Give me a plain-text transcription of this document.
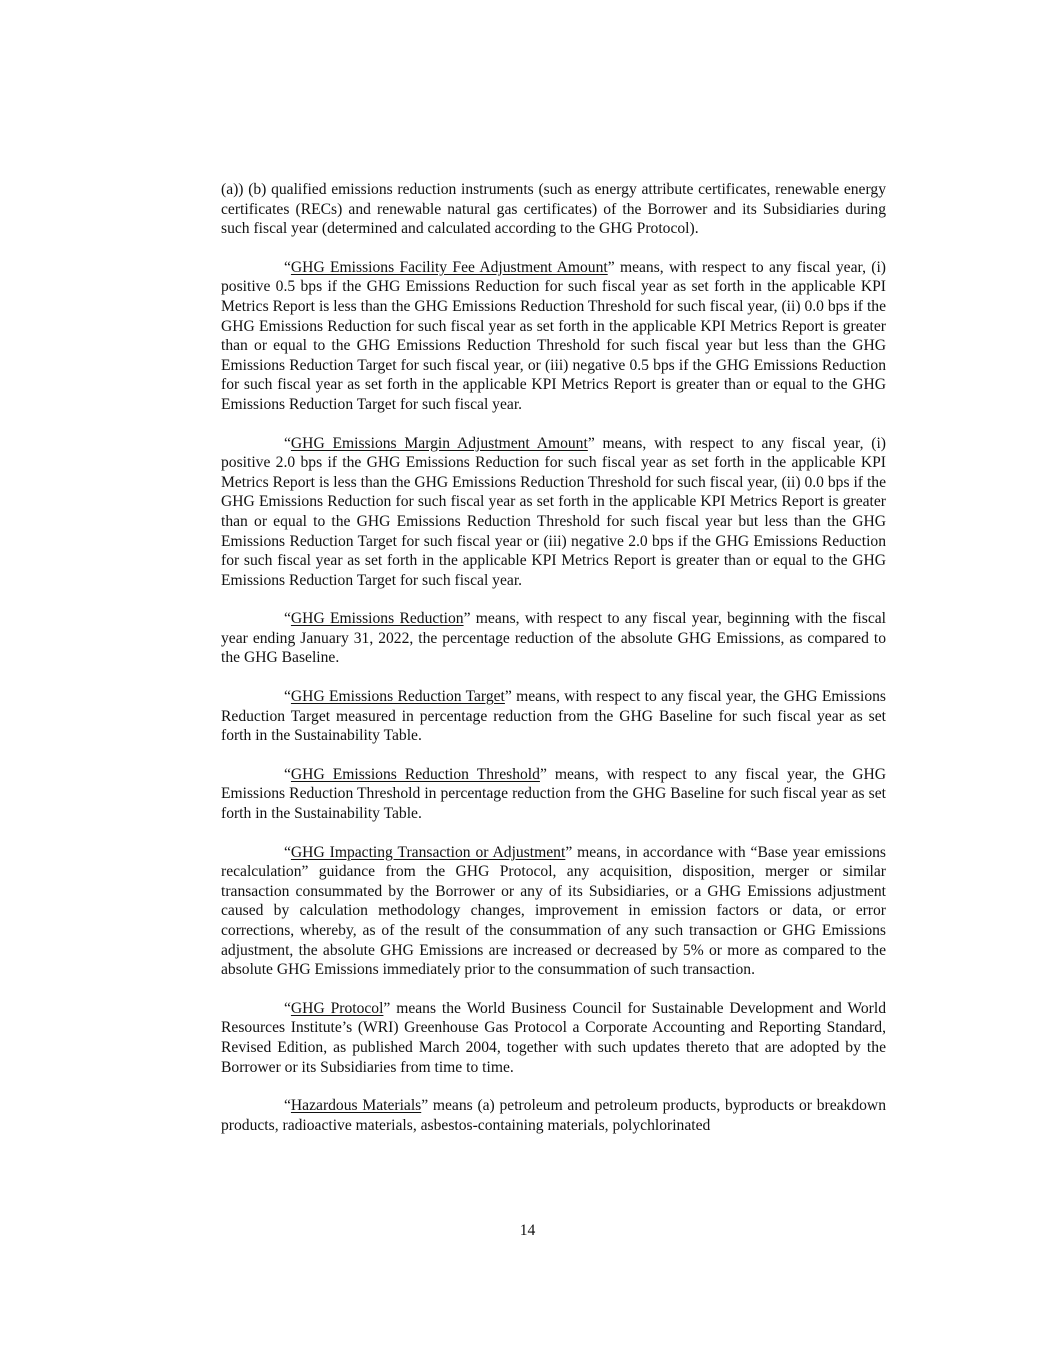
(a)) (b) qualified emissions reduction instruments (such as energy attribute certificates, renewable energy certificates (RECs) and renewable natural gas certificates) of the Borrower and its Subsidiaries during such fiscal year (determined and calculated according to the GHG Protocol).

“GHG Emissions Facility Fee Adjustment Amount” means, with respect to any fiscal year, (i) positive 0.5 bps if the GHG Emissions Reduction for such fiscal year as set forth in the applicable KPI Metrics Report is less than the GHG Emissions Reduction Threshold for such fiscal year, (ii) 0.0 bps if the GHG Emissions Reduction for such fiscal year as set forth in the applicable KPI Metrics Report is greater than or equal to the GHG Emissions Reduction Threshold for such fiscal year but less than the GHG Emissions Reduction Target for such fiscal year, or (iii) negative 0.5 bps if the GHG Emissions Reduction for such fiscal year as set forth in the applicable KPI Metrics Report is greater than or equal to the GHG Emissions Reduction Target for such fiscal year.

“GHG Emissions Margin Adjustment Amount” means, with respect to any fiscal year, (i) positive 2.0 bps if the GHG Emissions Reduction for such fiscal year as set forth in the applicable KPI Metrics Report is less than the GHG Emissions Reduction Threshold for such fiscal year, (ii) 0.0 bps if the GHG Emissions Reduction for such fiscal year as set forth in the applicable KPI Metrics Report is greater than or equal to the GHG Emissions Reduction Threshold for such fiscal year but less than the GHG Emissions Reduction Target for such fiscal year or (iii) negative 2.0 bps if the GHG Emissions Reduction for such fiscal year as set forth in the applicable KPI Metrics Report is greater than or equal to the GHG Emissions Reduction Target for such fiscal year.

“GHG Emissions Reduction” means, with respect to any fiscal year, beginning with the fiscal year ending January 31, 2022, the percentage reduction of the absolute GHG Emissions, as compared to the GHG Baseline.

“GHG Emissions Reduction Target” means, with respect to any fiscal year, the GHG Emissions Reduction Target measured in percentage reduction from the GHG Baseline for such fiscal year as set forth in the Sustainability Table.

“GHG Emissions Reduction Threshold” means, with respect to any fiscal year, the GHG Emissions Reduction Threshold in percentage reduction from the GHG Baseline for such fiscal year as set forth in the Sustainability Table.

“GHG Impacting Transaction or Adjustment” means, in accordance with “Base year emissions recalculation” guidance from the GHG Protocol, any acquisition, disposition, merger or similar transaction consummated by the Borrower or any of its Subsidiaries, or a GHG Emissions adjustment caused by calculation methodology changes, improvement in emission factors or data, or error corrections, whereby, as of the result of the consummation of any such transaction or GHG Emissions adjustment, the absolute GHG Emissions are increased or decreased by 5% or more as compared to the absolute GHG Emissions immediately prior to the consummation of such transaction.

“GHG Protocol” means the World Business Council for Sustainable Development and World Resources Institute’s (WRI) Greenhouse Gas Protocol a Corporate Accounting and Reporting Standard, Revised Edition, as published March 2004, together with such updates thereto that are adopted by the Borrower or its Subsidiaries from time to time.

“Hazardous Materials” means (a) petroleum and petroleum products, byproducts or breakdown products, radioactive materials, asbestos-containing materials, polychlorinated

14
